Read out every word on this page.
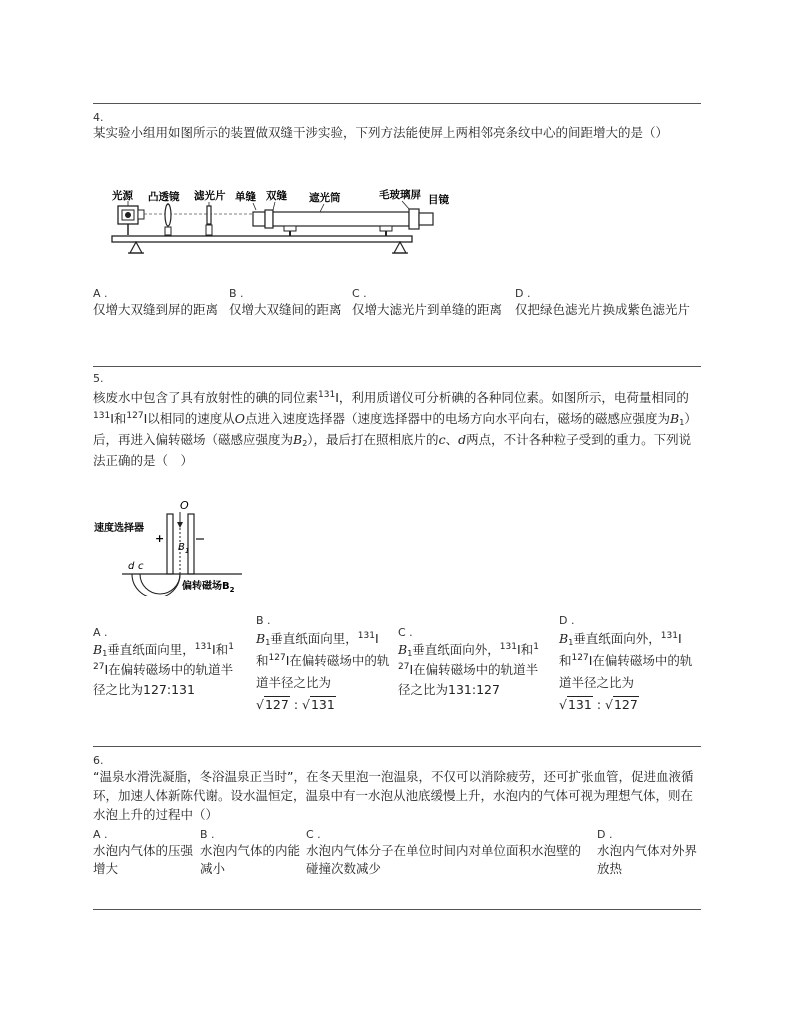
4.
某实验小组用如图所示的装置做双缝干涉实验，下列方法能使屏上两相邻亮条纹中心的间距增大的是（）
光源 凸透镜 滤光片 单缝 双缝 遮光筒	毛玻璃屏 目镜
A .
仅增大双缝到屏的距离
B .
仅增大双缝间的距离
C .
仅增大滤光片到单缝的距离
D .
仅把绿色滤光片换成紫色滤光片
5.
核废水中包含了具有放射性的碘的同位素$^{131}$I，利用质谱仪可分析碘的各种同位素。如图所示，电荷量相同的$^{131}$I和$^{127}$I以相同的速度从O点进入速度选择器（速度选择器中的电场方向水平向右，磁场的磁感应强度为$B_1$）后，再进入偏转磁场（磁感应强度为$B_2$），最后打在照相底片的c、d两点，不计各种粒子受到的重力。下列说法正确的是（　）
速度选择器
O
+
$B_1$
d c
偏转磁场$B_2$
A .
$B_1$垂直纸面向里，$^{131}$I和$^1$
$^{27}$I在偏转磁场中的轨道半径之比为127:131
B .
$B_1$垂直纸面向里，$^{131}$I
和$^{127}$I在偏转磁场中的轨道半径之比为
√127 : √131
C .
$B_1$垂直纸面向外，$^{131}$I和$^1$
$^{27}$I在偏转磁场中的轨道半径之比为131:127
D .
$B_1$垂直纸面向外，$^{131}$I
和$^{127}$I在偏转磁场中的轨道半径之比为
√131 : √127
6.
“温泉水滑洗凝脂，冬浴温泉正当时”，在冬天里泡一泡温泉，不仅可以消除疲劳，还可扩张血管，促进血液循环，加速人体新陈代谢。设水温恒定，温泉中有一水泡从池底缓慢上升，水泡内的气体可视为理想气体，则在水泡上升的过程中（）
A .
水泡内气体的压强增大
B .
水泡内气体的内能减小
C .
水泡内气体分子在单位时间内对单位面积水泡壁的碰撞次数减少
D .
水泡内气体对外界放热
